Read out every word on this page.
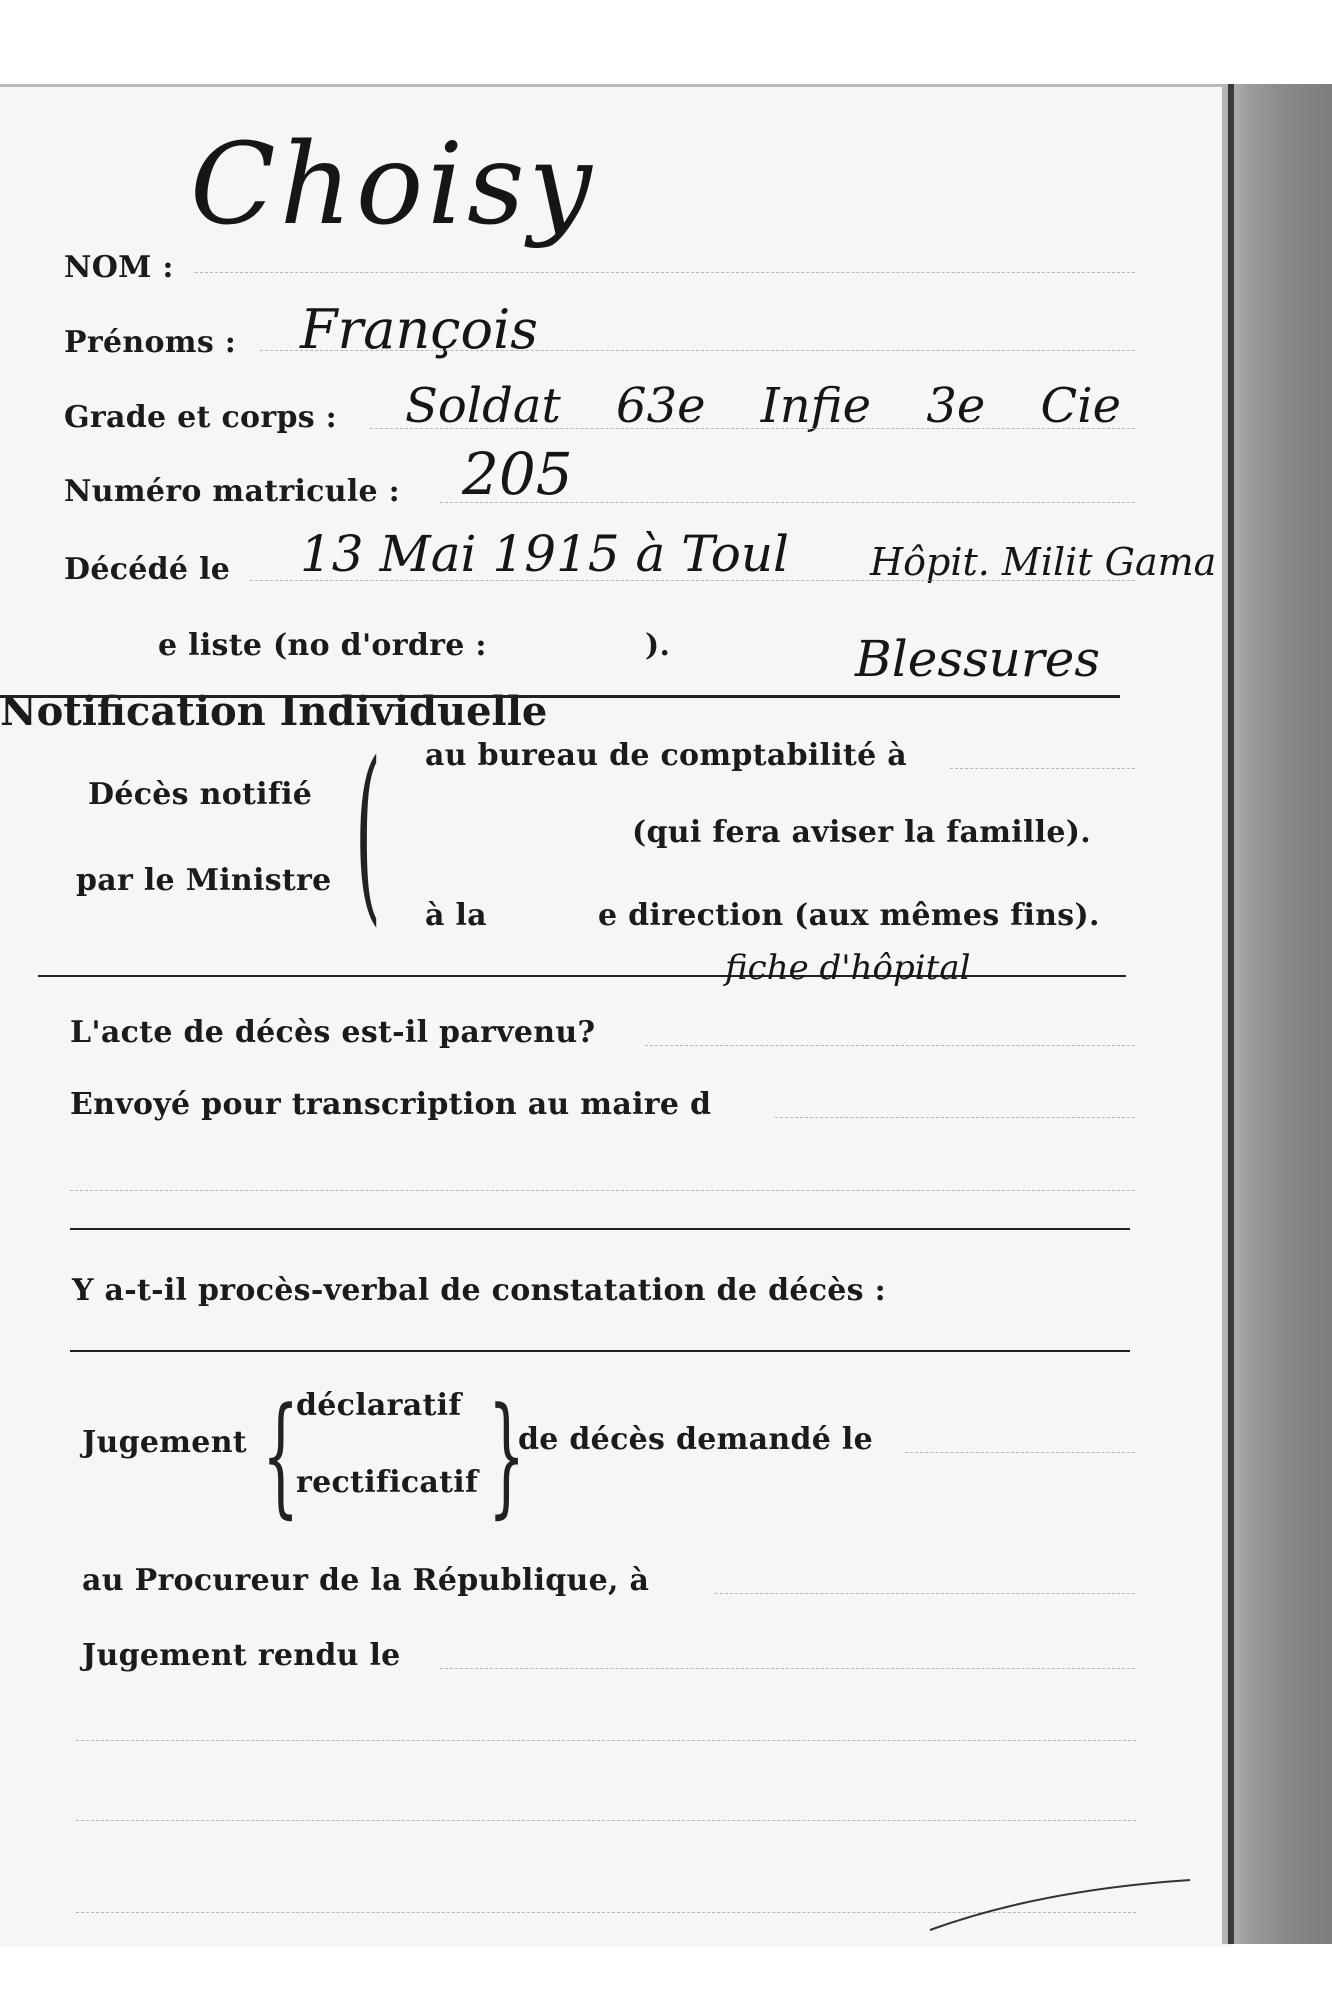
NOM :
Choisy
Prénoms : François
Grade et corps : Soldat 63e Infie 3e Cie
Numéro matricule : 205
Décédé le 13 Mai 1915 à Toul Hôpit. Milit Gama
e liste (no d'ordre :	).	Blessures
Notification Individuelle
Décès notifié
par le Ministre ( au bureau de comptabilité à
(qui fera aviser la famille).
à la	e direction (aux mêmes fins).
fiche d'hôpital
L'acte de décès est-il parvenu?
Envoyé pour transcription au maire d
Y a-t-il procès-verbal de constatation de décès :
Jugement {
déclaratif
rectificatif }
de décès demandé le
au Procureur de la République, à
Jugement rendu le
